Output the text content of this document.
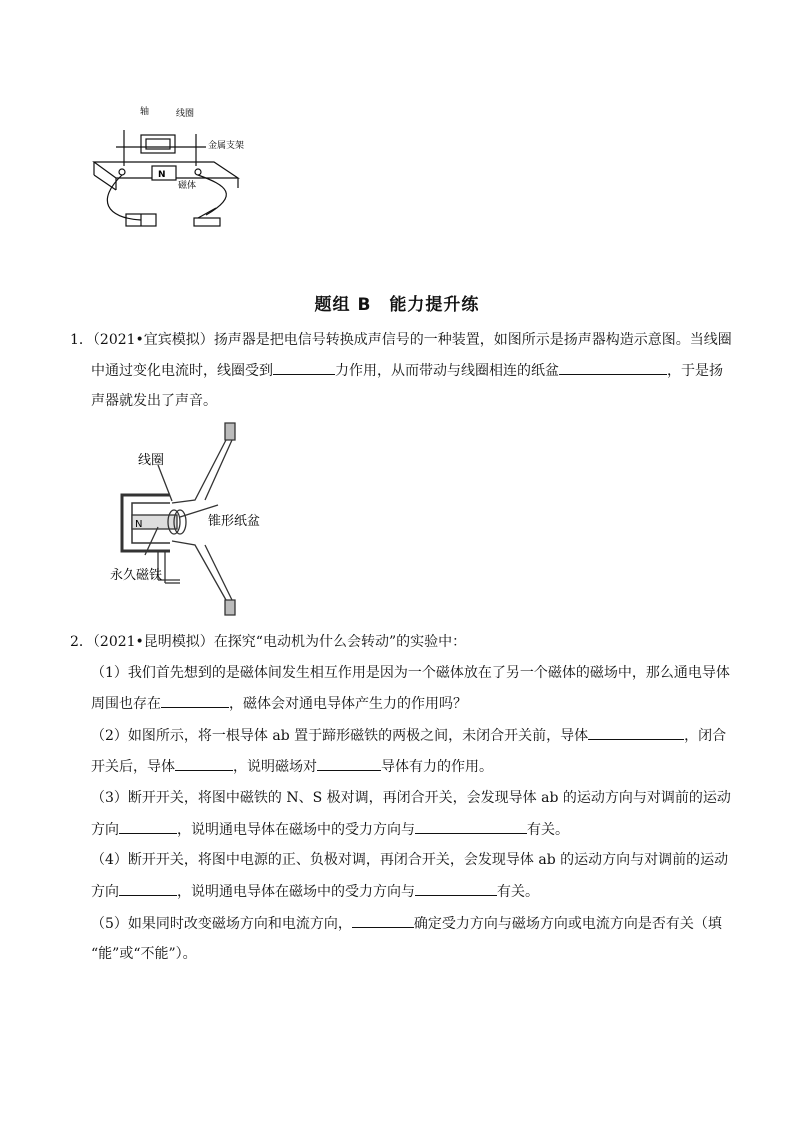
轴	线圈
金属支架
磁体
N
题组 B　能力提升练
1．（2021•宜宾模拟）扬声器是把电信号转换成声信号的一种装置，如图所示是扬声器构造示意图。当线圈
中通过变化电流时，线圈受到	力作用，从而带动与线圈相连的纸盆	，于是扬
声器就发出了声音。
线圈
锥形纸盆
永久磁铁
N
2．（2021•昆明模拟）在探究“电动机为什么会转动”的实验中：
（1）我们首先想到的是磁体间发生相互作用是因为一个磁体放在了另一个磁体的磁场中，那么通电导体
周围也存在	，磁体会对通电导体产生力的作用吗？
（2）如图所示，将一根导体 ab 置于蹄形磁铁的两极之间，未闭合开关前，导体	，闭合
开关后，导体	，说明磁场对	导体有力的作用。
（3）断开开关，将图中磁铁的 N、S 极对调，再闭合开关，会发现导体 ab 的运动方向与对调前的运动
方向	，说明通电导体在磁场中的受力方向与	有关。
（4）断开开关，将图中电源的正、负极对调，再闭合开关，会发现导体 ab 的运动方向与对调前的运动
方向	，说明通电导体在磁场中的受力方向与	有关。
（5）如果同时改变磁场方向和电流方向，	确定受力方向与磁场方向或电流方向是否有关（填
“能”或“不能”）。
